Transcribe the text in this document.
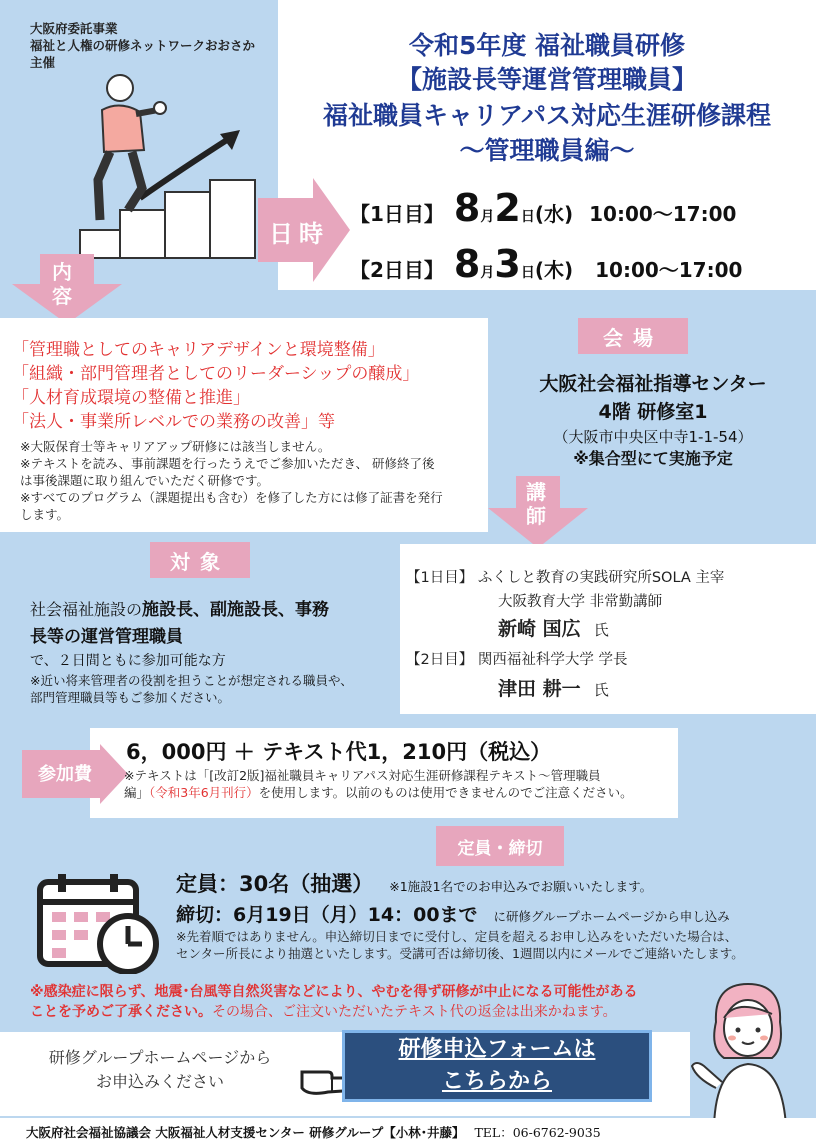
大阪府委託事業
福祉と人権の研修ネットワークおおさか
主催
令和5年度 福祉職員研修
【施設長等運営管理職員】
福祉職員キャリアパス対応生涯研修課程
～管理職員編～
日時
【1日目】 8 月 2 日 (水) 10:00～17:00
【2日目】 8 月 3 日 (木) 10:00～17:00
内容
「管理職としてのキャリアデザインと環境整備」
「組織・部門管理者としてのリーダーシップの醸成」
「人材育成環境の整備と推進」
「法人・事業所レベルでの業務の改善」等
※大阪保育士等キャリアアップ研修には該当しません。
※テキストを読み、事前課題を行ったうえでご参加いただき、 研修終了後
は事後課題に取り組んでいただく研修です。
※すべてのプログラム（課題提出も含む）を修了した方には修了証書を発行
します。
会場
大阪社会福祉指導センター
4階 研修室1
（大阪市中央区中寺1-1-54）
※集合型にて実施予定
講師
【1日目】 ふくしと教育の実践研究所SOLA 主宰
大阪教育大学 非常勤講師
新崎 国広 氏
【2日目】 関西福祉科学大学 学長
津田 耕一 氏
対象
社会福祉施設の施設長、副施設長、事務
長等の運営管理職員
で、２日間ともに参加可能な方
※近い将来管理者の役割を担うことが想定される職員や、
部門管理職員等もご参加ください。
参加費
6，000円 ＋ テキスト代1，210円（税込）
※テキストは「[改訂2版]福祉職員キャリアパス対応生涯研修課程テキスト～管理職員
編」（令和3年6月刊行）を使用します。以前のものは使用できませんのでご注意ください。
定員・締切
定員：30名（抽選） ※1施設1名でのお申込みでお願いいたします。
締切：6月19日（月）14：00まで に研修グループホームページから申し込み
※先着順ではありません。申込締切日までに受付し、定員を超えるお申し込みをいただいた場合は、
センター所長により抽選といたします。受講可否は締切後、1週間以内にメールでご連絡いたします。
※感染症に限らず、地震･台風等自然災害などにより、やむを得ず研修が中止になる可能性がある
ことを予めご了承ください。その場合、ご注文いただいたテキスト代の返金は出来かねます。
研修グループホームページから
お申込みください
研修申込フォームは
こちらから
大阪府社会福祉協議会 大阪福祉人材支援センター 研修グループ【小林･井藤】 TEL：06-6762-9035
